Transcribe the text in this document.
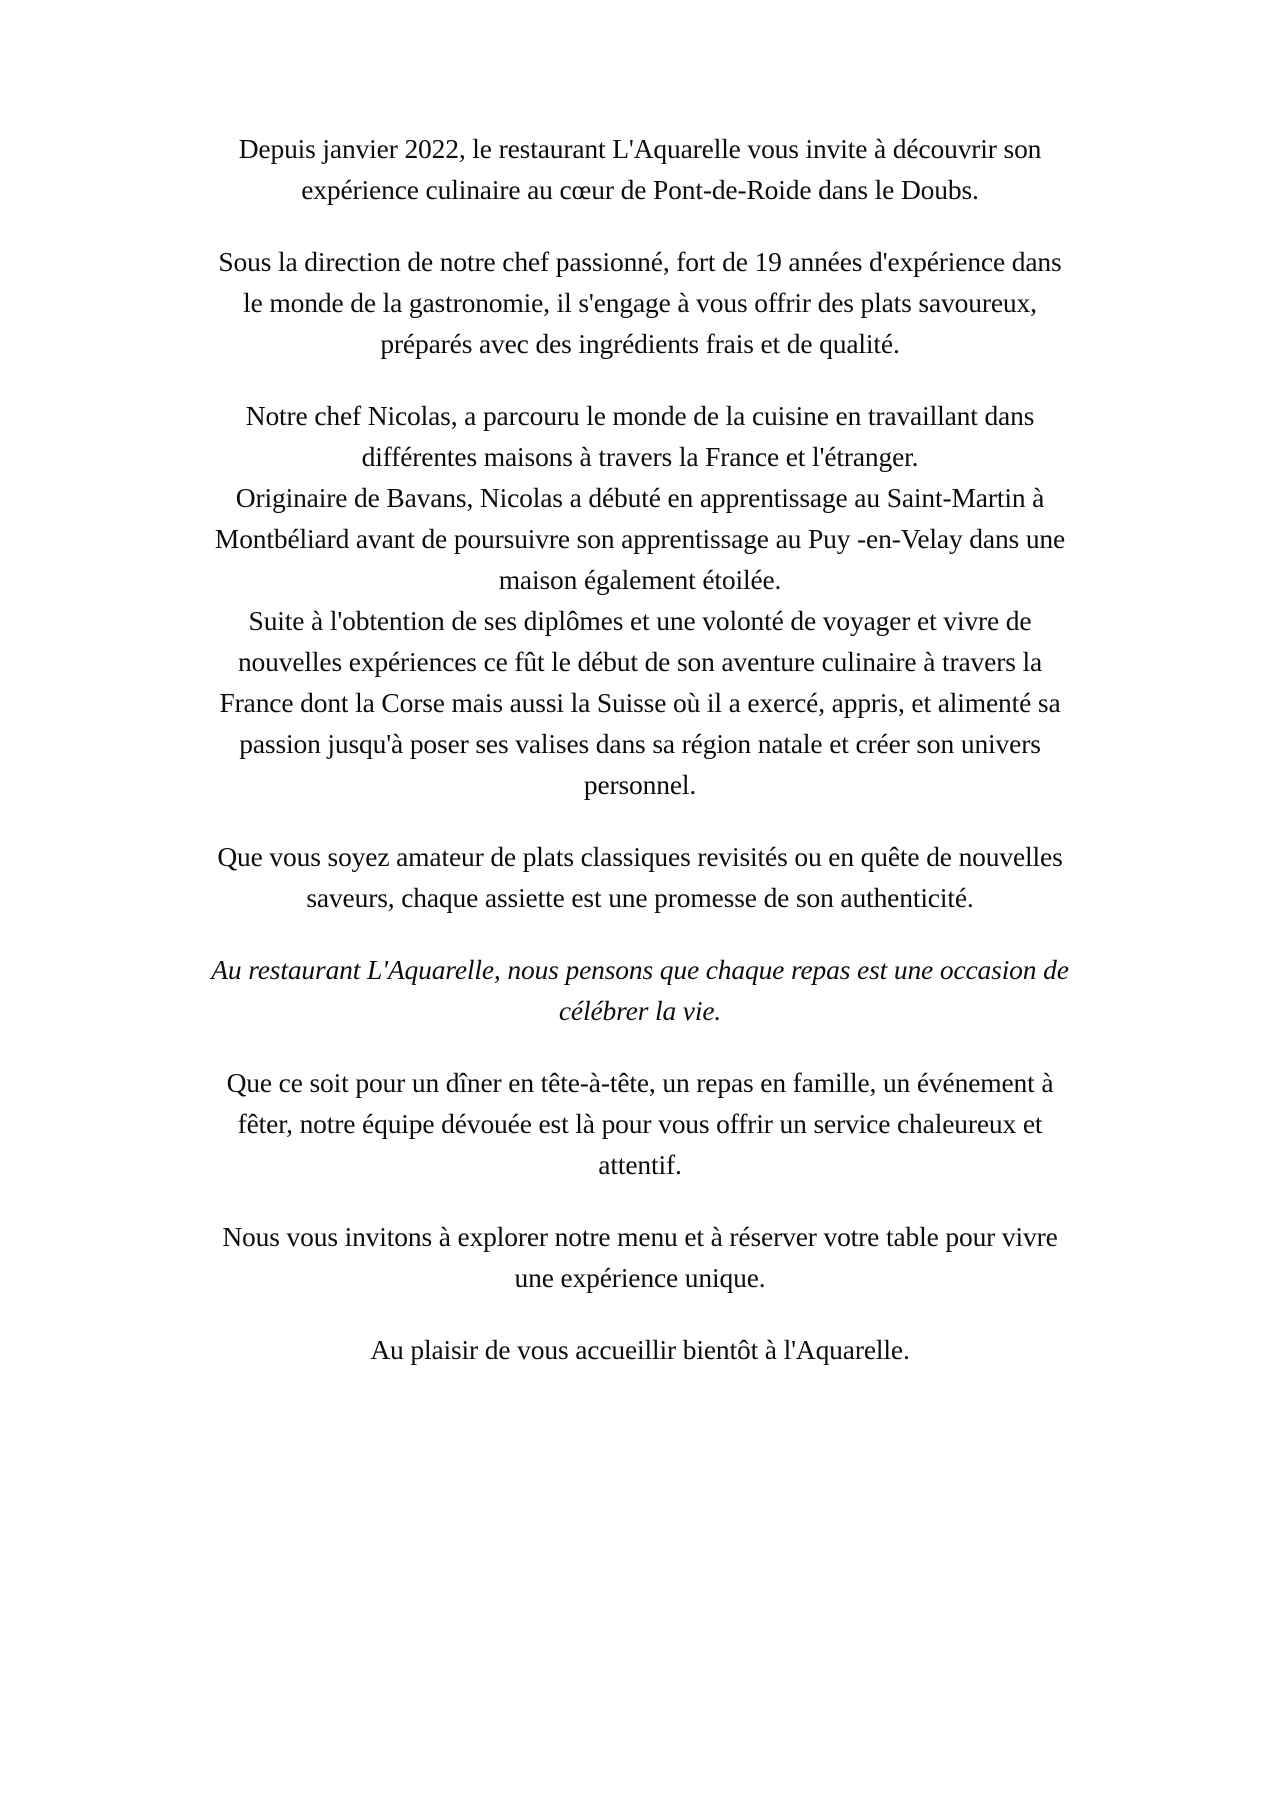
Depuis janvier 2022, le restaurant L'Aquarelle vous invite à découvrir son expérience culinaire au cœur de Pont-de-Roide dans le Doubs.

Sous la direction de notre chef passionné, fort de 19 années d'expérience dans le monde de la gastronomie, il s'engage à vous offrir des plats savoureux, préparés avec des ingrédients frais et de qualité.

Notre chef Nicolas, a parcouru le monde de la cuisine en travaillant dans différentes maisons à travers la France et l'étranger.

Originaire de Bavans, Nicolas a débuté en apprentissage au Saint-Martin à Montbéliard avant de poursuivre son apprentissage au Puy -en-Velay dans une maison également étoilée.

Suite à l'obtention de ses diplômes et une volonté de voyager et vivre de nouvelles expériences ce fût le début de son aventure culinaire à travers la France dont la Corse mais aussi la Suisse où il a exercé, appris, et alimenté sa passion jusqu'à poser ses valises dans sa région natale et créer son univers personnel.

Que vous soyez amateur de plats classiques revisités ou en quête de nouvelles saveurs, chaque assiette est une promesse de son authenticité.

Au restaurant L'Aquarelle, nous pensons que chaque repas est une occasion de célébrer la vie.

Que ce soit pour un dîner en tête-à-tête, un repas en famille, un événement à fêter, notre équipe dévouée est là pour vous offrir un service chaleureux et attentif.

Nous vous invitons à explorer notre menu et à réserver votre table pour vivre une expérience unique.

Au plaisir de vous accueillir bientôt à l'Aquarelle.
